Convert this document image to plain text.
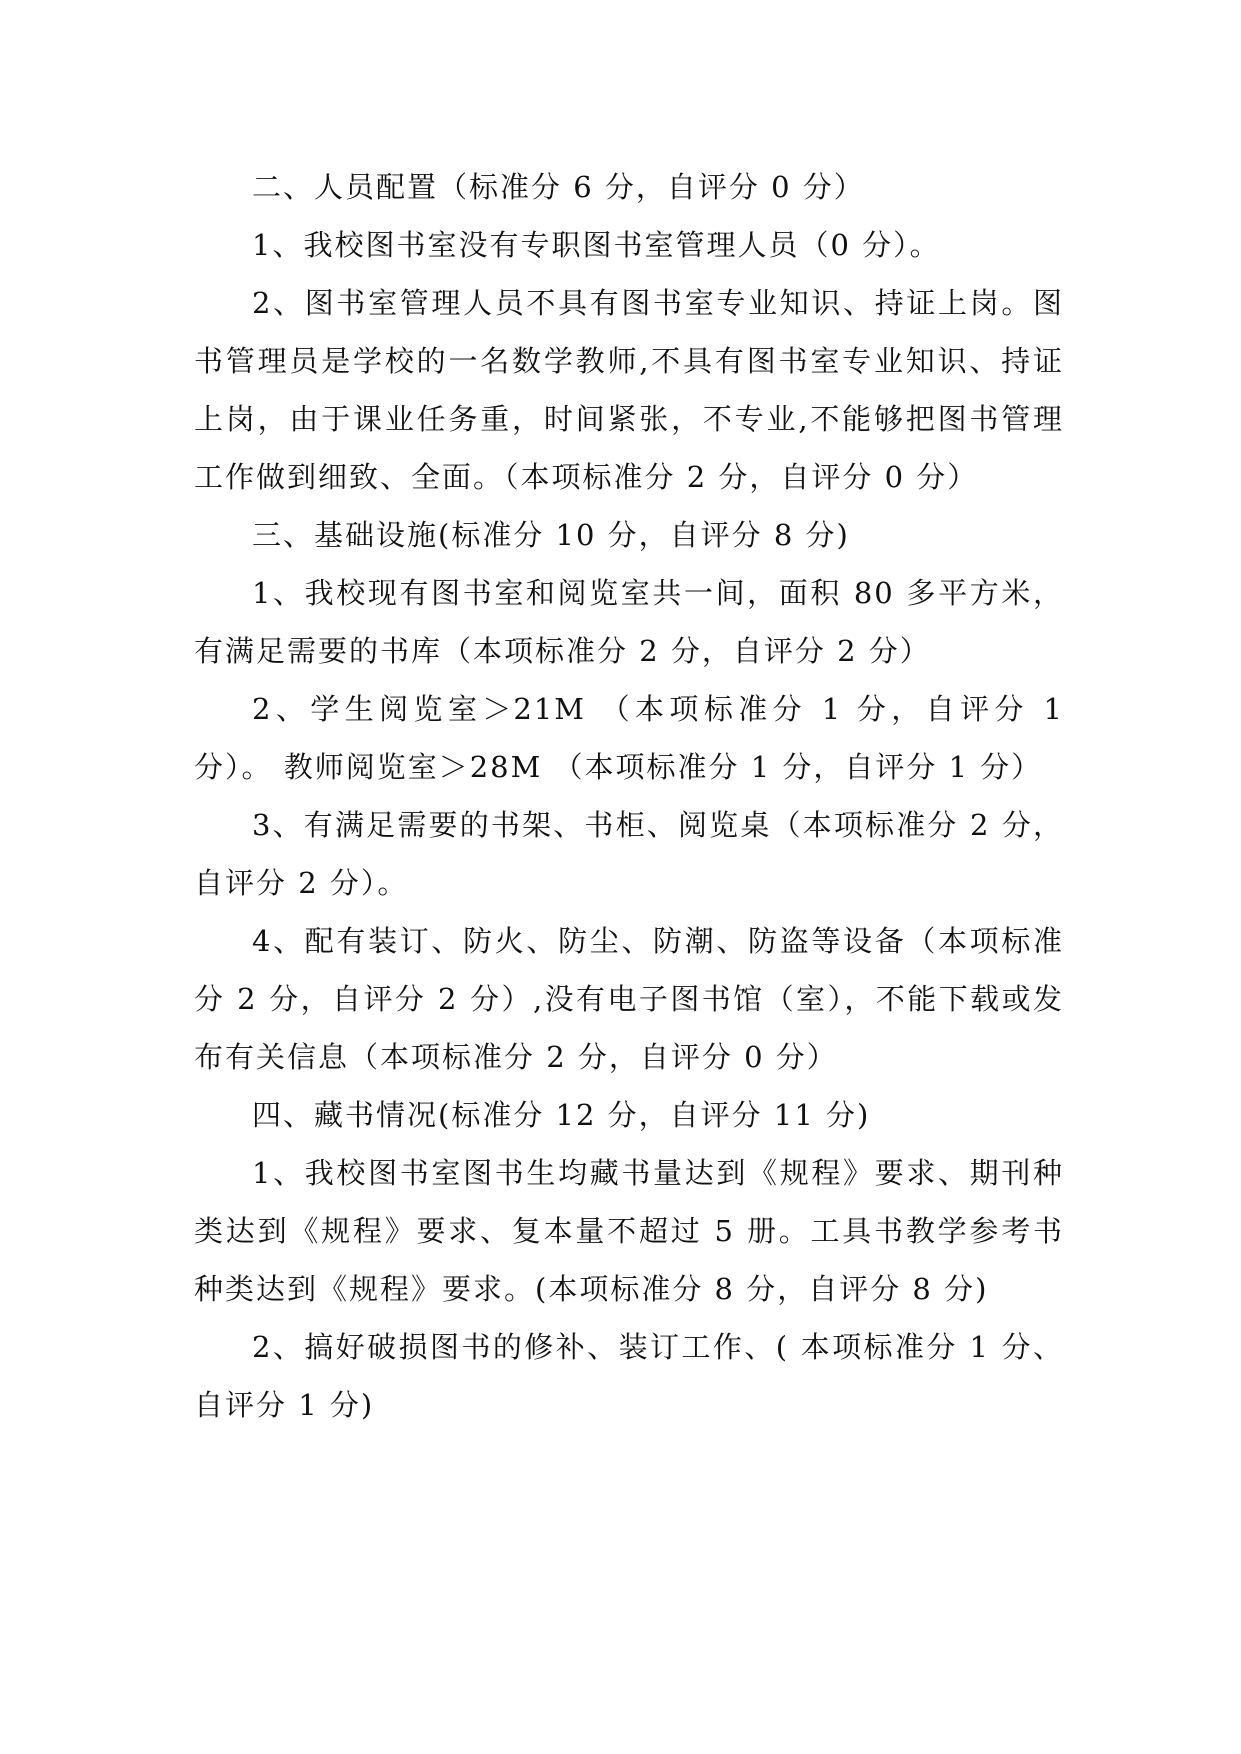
二、人员配置（标准分 6 分，自评分 0 分）

1、我校图书室没有专职图书室管理人员（0 分）。

2、图书室管理人员不具有图书室专业知识、持证上岗。图书管理员是学校的一名数学教师,不具有图书室专业知识、持证上岗，由于课业任务重，时间紧张，不专业,不能够把图书管理工作做到细致、全面。（本项标准分 2 分，自评分 0 分）

三、基础设施(标准分 10 分，自评分 8 分)

1、我校现有图书室和阅览室共一间，面积 80 多平方米，有满足需要的书库（本项标准分 2 分，自评分 2 分）

2、学生阅览室＞21M （本项标准分 1 分，自评分 1 分）。 教师阅览室＞28M （本项标准分 1 分，自评分 1 分）

3、有满足需要的书架、书柜、阅览桌（本项标准分 2 分，自评分 2 分）。

4、配有装订、防火、防尘、防潮、防盗等设备（本项标准分 2 分，自评分 2 分）,没有电子图书馆（室），不能下载或发布有关信息（本项标准分 2 分，自评分 0 分）

四、藏书情况(标准分 12 分，自评分 11 分)

1、我校图书室图书生均藏书量达到《规程》要求、期刊种类达到《规程》要求、复本量不超过 5 册。工具书教学参考书种类达到《规程》要求。(本项标准分 8 分，自评分 8 分)

2、搞好破损图书的修补、装订工作、( 本项标准分 1 分、自评分 1 分)
